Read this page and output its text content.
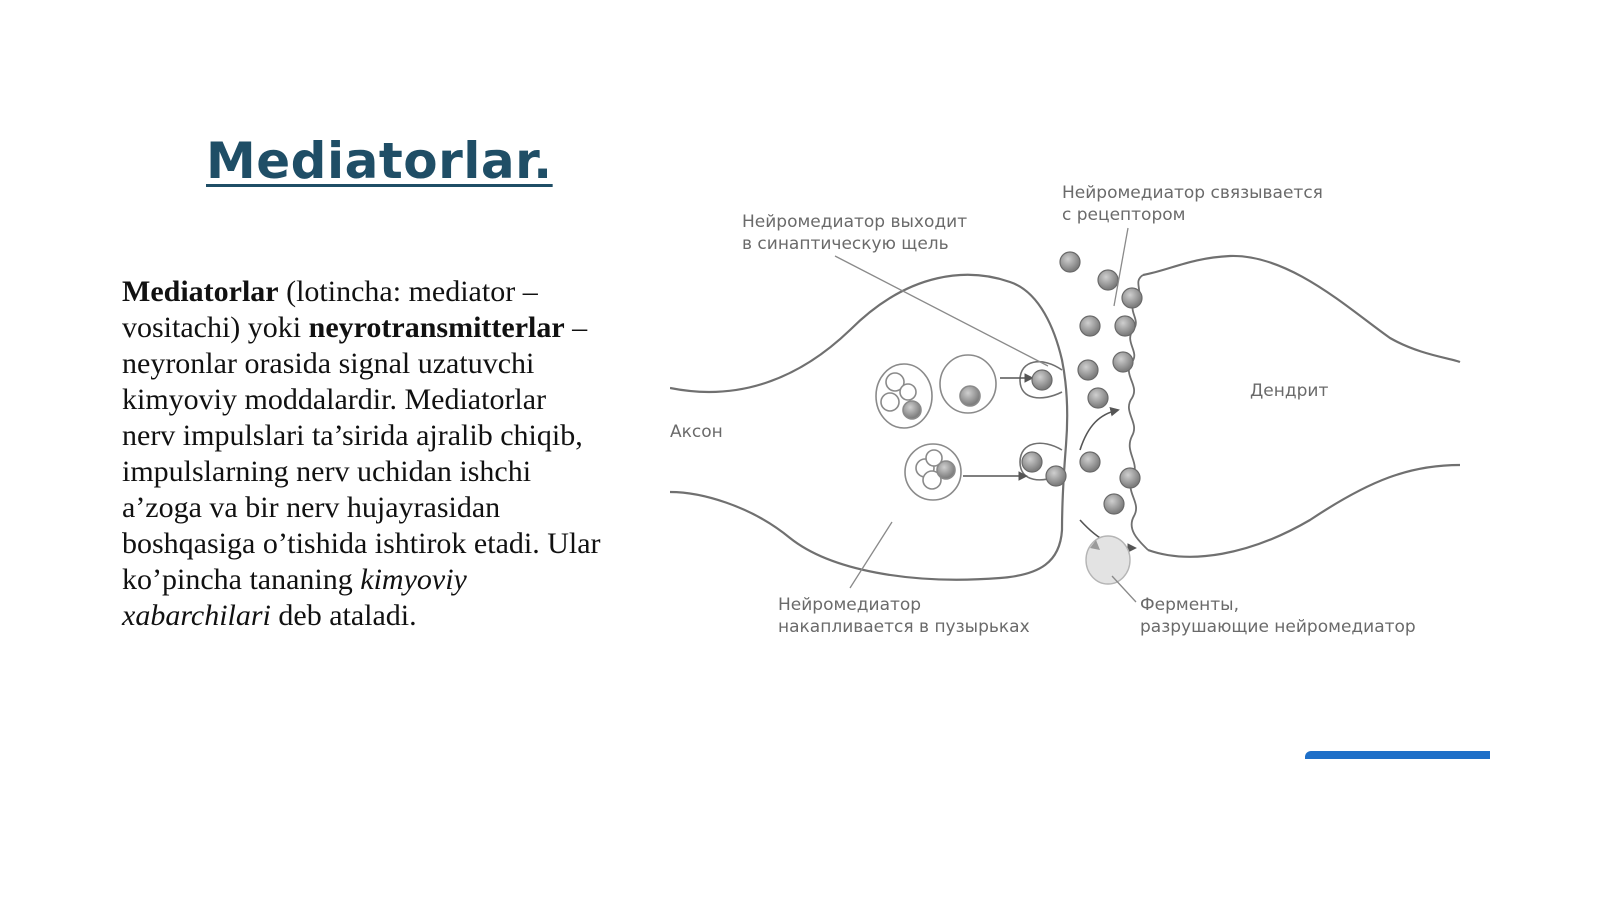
Mediatorlar.

Mediatorlar (lotincha: mediator – vositachi) yoki neyrotransmitterlar –neyronlar orasida signal uzatuvchi kimyoviy moddalardir. Mediatorlar nerv impulslari ta’sirida ajralib chiqib, impulslarning nerv uchidan ishchi a’zoga va bir nerv hujayrasidan boshqasiga o’tishida ishtirok etadi. Ular ko’pincha tananing kimyoviy xabarchilari deb ataladi.

Нейромедиатор выходит
в синаптическую щель
Нейромедиатор связывается
с рецептором
Дендрит
Аксон
Нейромедиатор
накапливается в пузырьках
Ферменты,
разрушающие нейромедиатор
